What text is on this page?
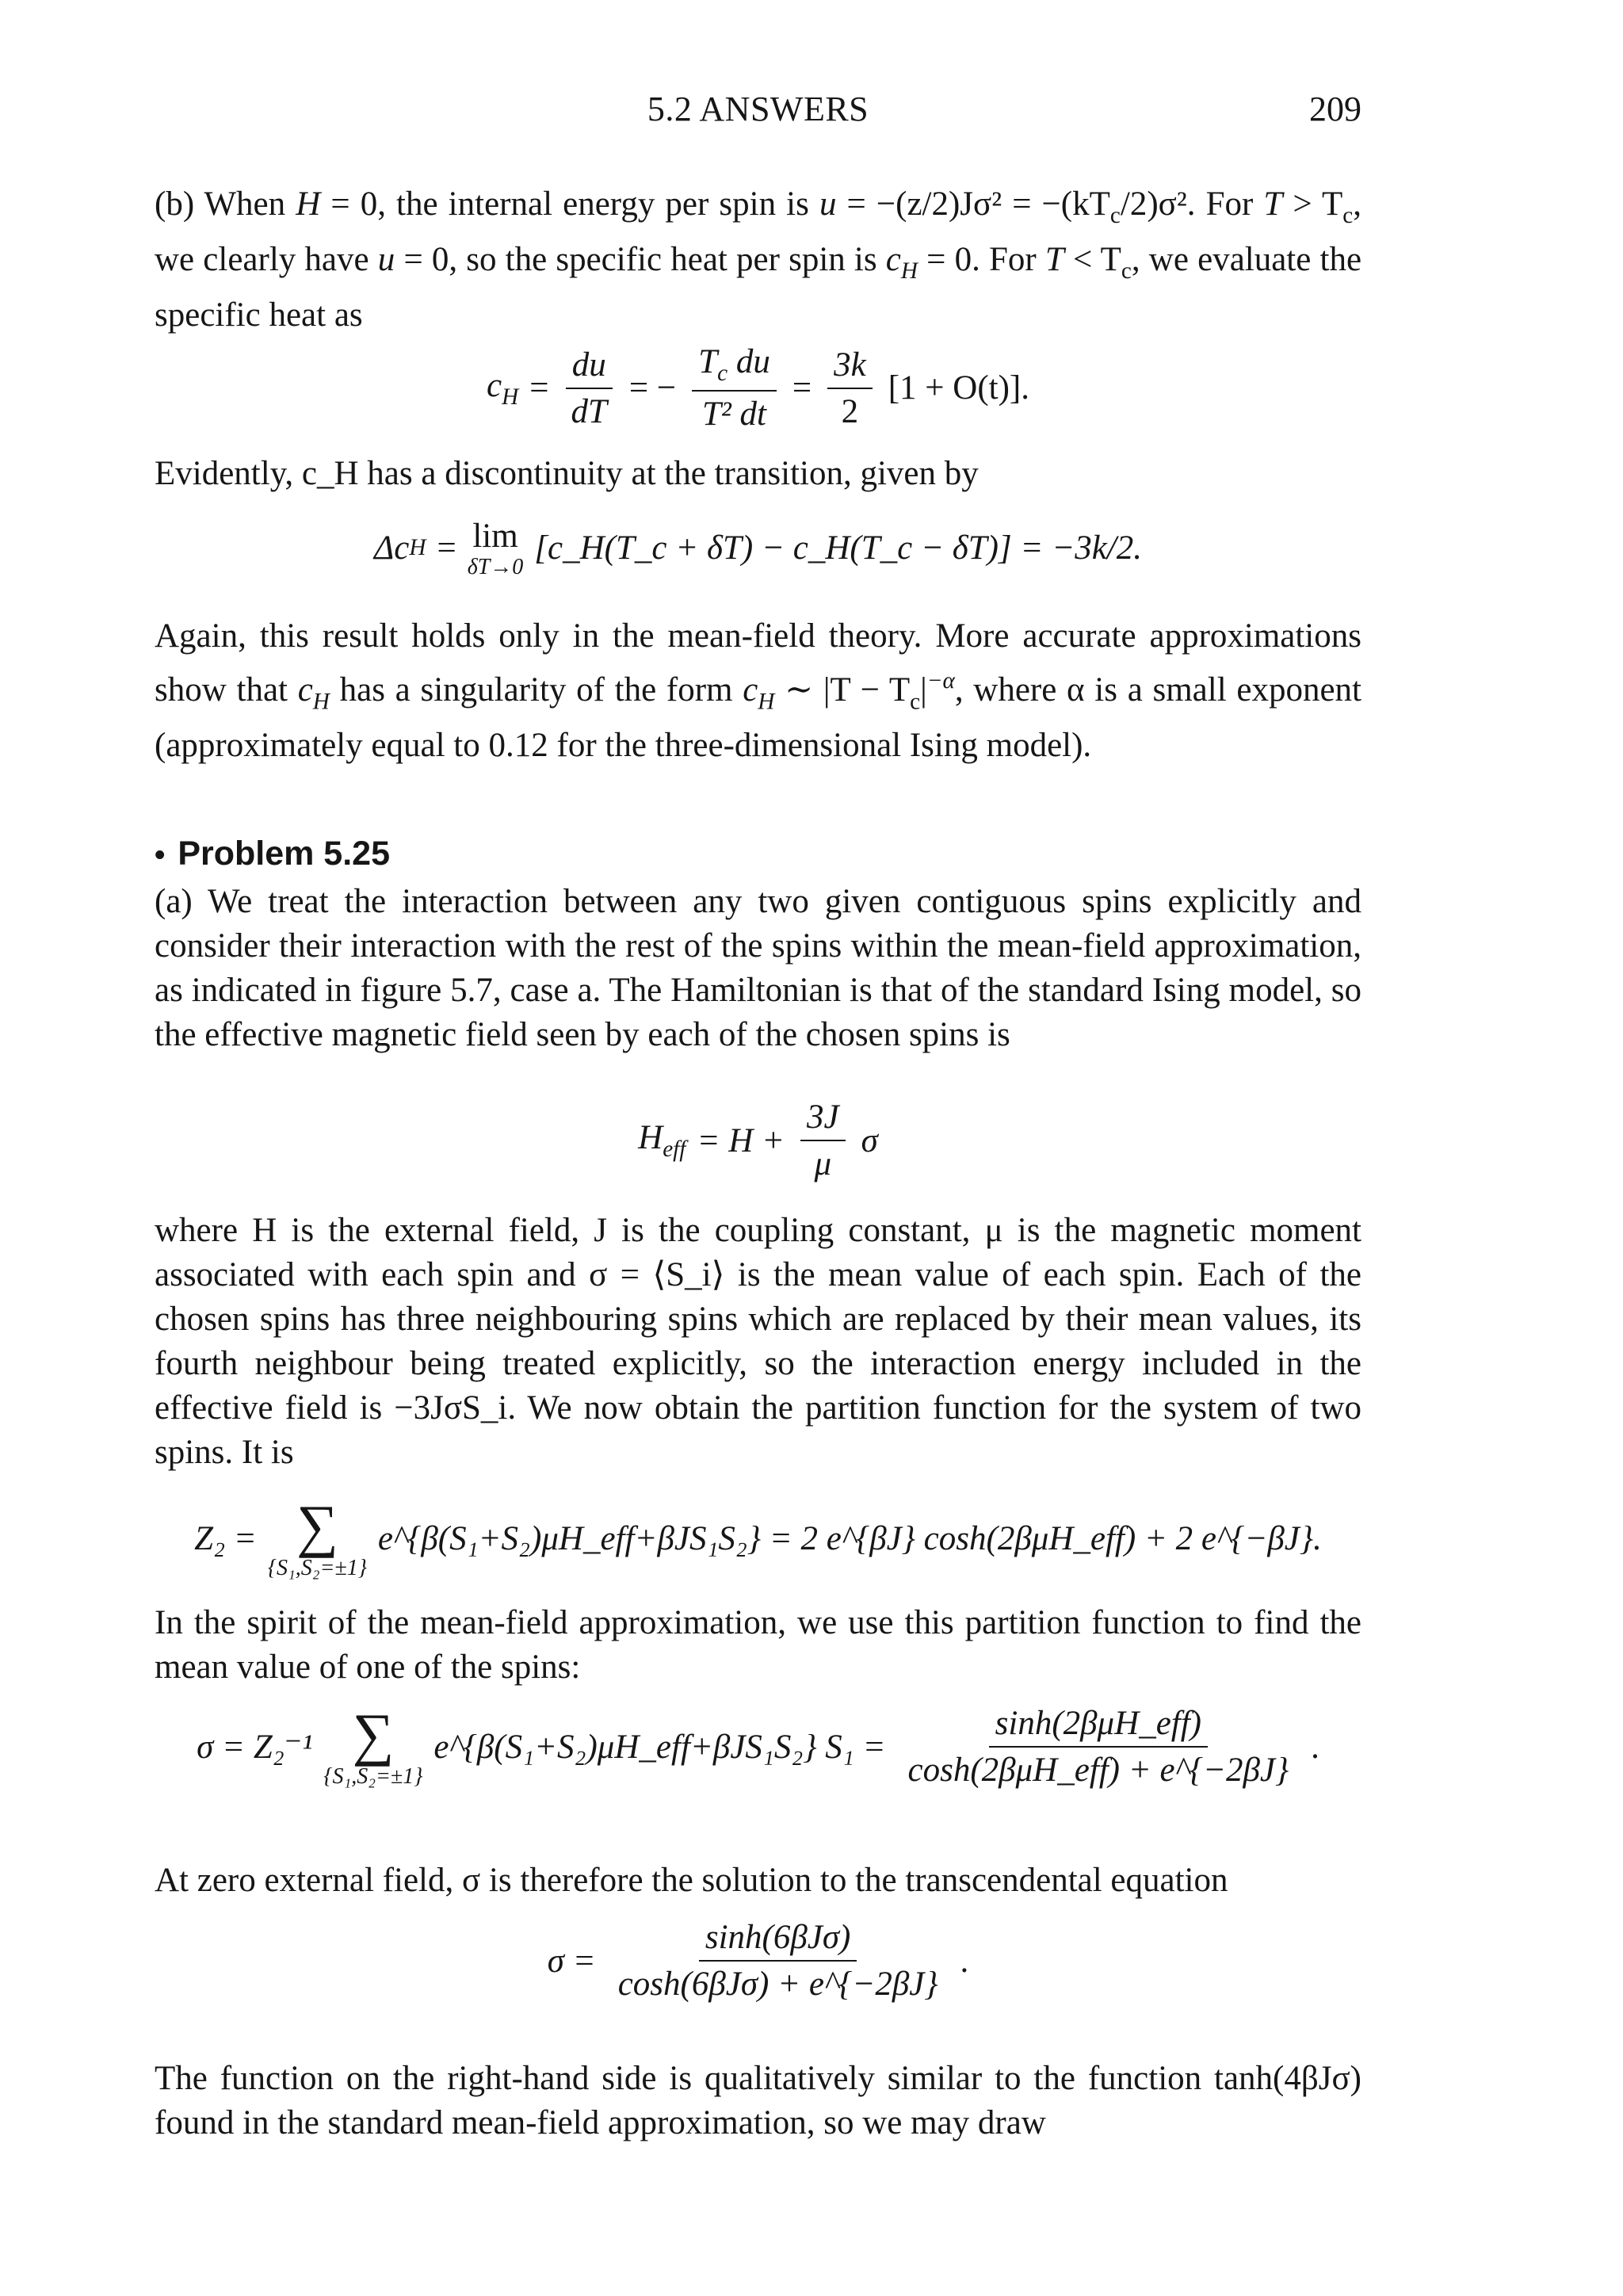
5.2 ANSWERS	209

(b) When H = 0, the internal energy per spin is $u = -(z/2)J\sigma^2 = -(kT_c/2)\sigma^2$. For $T > T_c$, we clearly have u = 0, so the specific heat per spin is $c_H = 0$. For $T < T_c$, we evaluate the specific heat as

$c_H = \frac{du}{dT}$ = − $\frac{T_c du}{\text{T² dt}} = \frac{3k}{2} [1 + O(t)]$.

Evidently, c_H has a discontinuity at the transition, given by

Δc H = lim
δT→0
[c_H(T_c + δT) − c_H(T_c − δT)] = −3k/2.

Again, this result holds only in the mean-field theory. More accurate approximations show that $c_H$ has a singularity of the form $c_H$ ∼ $|T - T_c|^{-\alpha}$, where α is a small exponent (approximately equal to 0.12 for the three-dimensional Ising model).

• Problem 5.25

(a) We treat the interaction between any two given contiguous spins explicitly and consider their interaction with the rest of the spins within the mean-field approximation, as indicated in figure 5.7, case a. The Hamiltonian is that of the standard Ising model, so the effective magnetic field seen by each of the chosen spins is

$H_{eff} = H + \frac{3J}{\mu}$ σ

where H is the external field, J is the coupling constant, μ is the magnetic moment associated with each spin and σ = ⟨S_i⟩ is the mean value of each spin. Each of the chosen spins has three neighbouring spins which are replaced by their mean values, its fourth neighbour being treated explicitly, so the interaction energy included in the effective field is −3JσS_i. We now obtain the partition function for the system of two spins. It is

Z₂ = ∑
{S₁,S₂=±1}
e^{β(S₁+S₂)μH_eff+βJS₁S₂} = 2 e^{βJ} cosh(2βμH_eff) + 2 e^{−βJ}.

In the spirit of the mean-field approximation, we use this partition function to find the mean value of one of the spins:

σ = Z₂⁻¹ ∑
{S₁,S₂=±1}
e^{β(S₁+S₂)μH_eff+βJS₁S₂} $S_1 = \frac{\text{sinh(2βμH\_eff)}}{\text{cosh(2βμH\_eff) + e\textasciicircum{}\{−2βJ\}}}$ .

At zero external field, σ is therefore the solution to the transcendental equation

$\sigma = \frac{\text{sinh(6βJσ)}}{\text{cosh(6βJσ) + e\textasciicircum{}\{−2βJ\}}}$ .

The function on the right-hand side is qualitatively similar to the function tanh(4βJσ) found in the standard mean-field approximation, so we may draw
